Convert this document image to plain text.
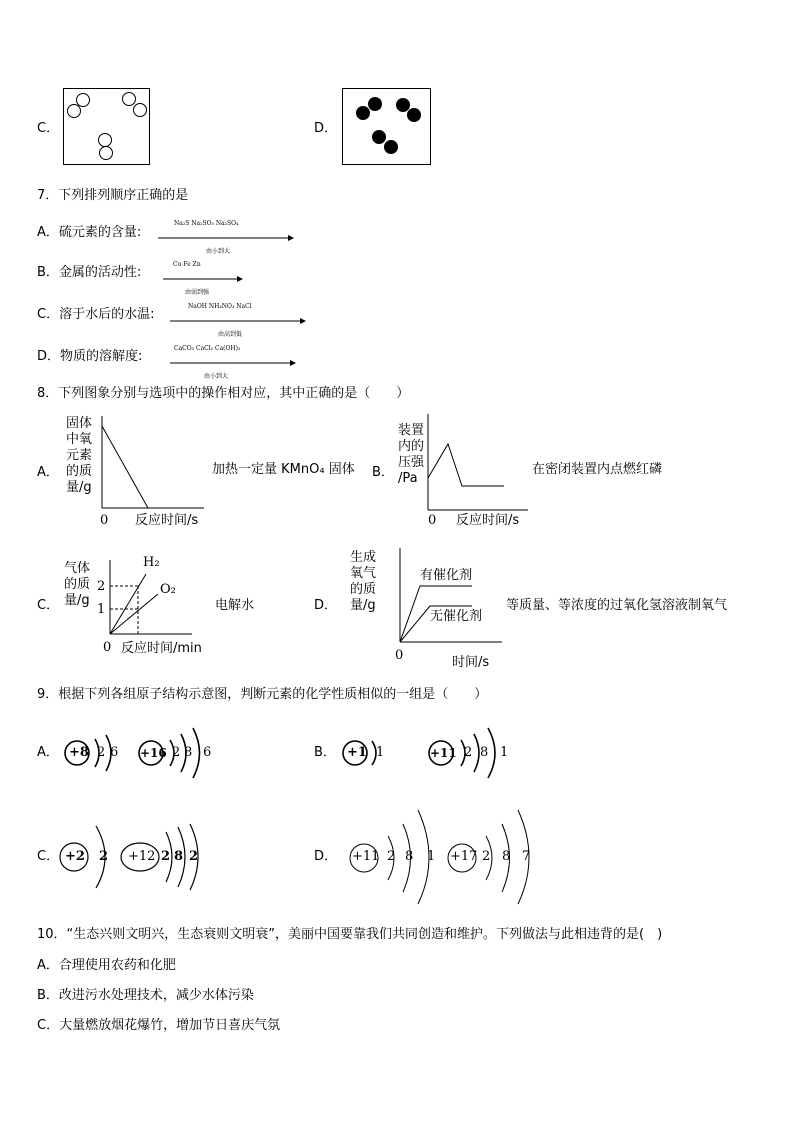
C．	D．
7．下列排列顺序正确的是
A．硫元素的含量:
Na₂S Na₂SO₃ Na₂SO₄
由小到大
B．金属的活动性:
Cu Fe Zn
由弱到强
C．溶于水后的水温:
NaOH NH₄NO₃ NaCl
由高到低
D．物质的溶解度:
CaCO₃ CaCl₂ Ca(OH)₂
由小到大
8．下列图象分别与选项中的操作相对应，其中正确的是（　　）
A．
固体
中氧
元素
的质
量/g
0 反应时间/s
加热一定量 KMnO₄ 固体 B．
装置
内的
压强
/Pa
0 反应时间/s
在密闭装置内点燃红磷
C．
气体
的质
量/g
2
1
H₂
O₂
0 反应时间/min
电解水	D．
生成
氧气
的质
量/g
有催化剂
无催化剂
0	时间/s
等质量、等浓度的过氧化氢溶液制氧气
9．根据下列各组原子结构示意图，判断元素的化学性质相似的一组是（　　）
A． +8 2 6 +16 2 8 6	B． +1 1	+11 2 8 1
C． +2 2 +12 2 8 2	D． +11 2 8 1 +17 2 8 7
10．“生态兴则文明兴，生态衰则文明衰”，美丽中国要靠我们共同创造和维护。下列做法与此相违背的是(　)
A．合理使用农药和化肥
B．改进污水处理技术，减少水体污染
C．大量燃放烟花爆竹，增加节日喜庆气氛
